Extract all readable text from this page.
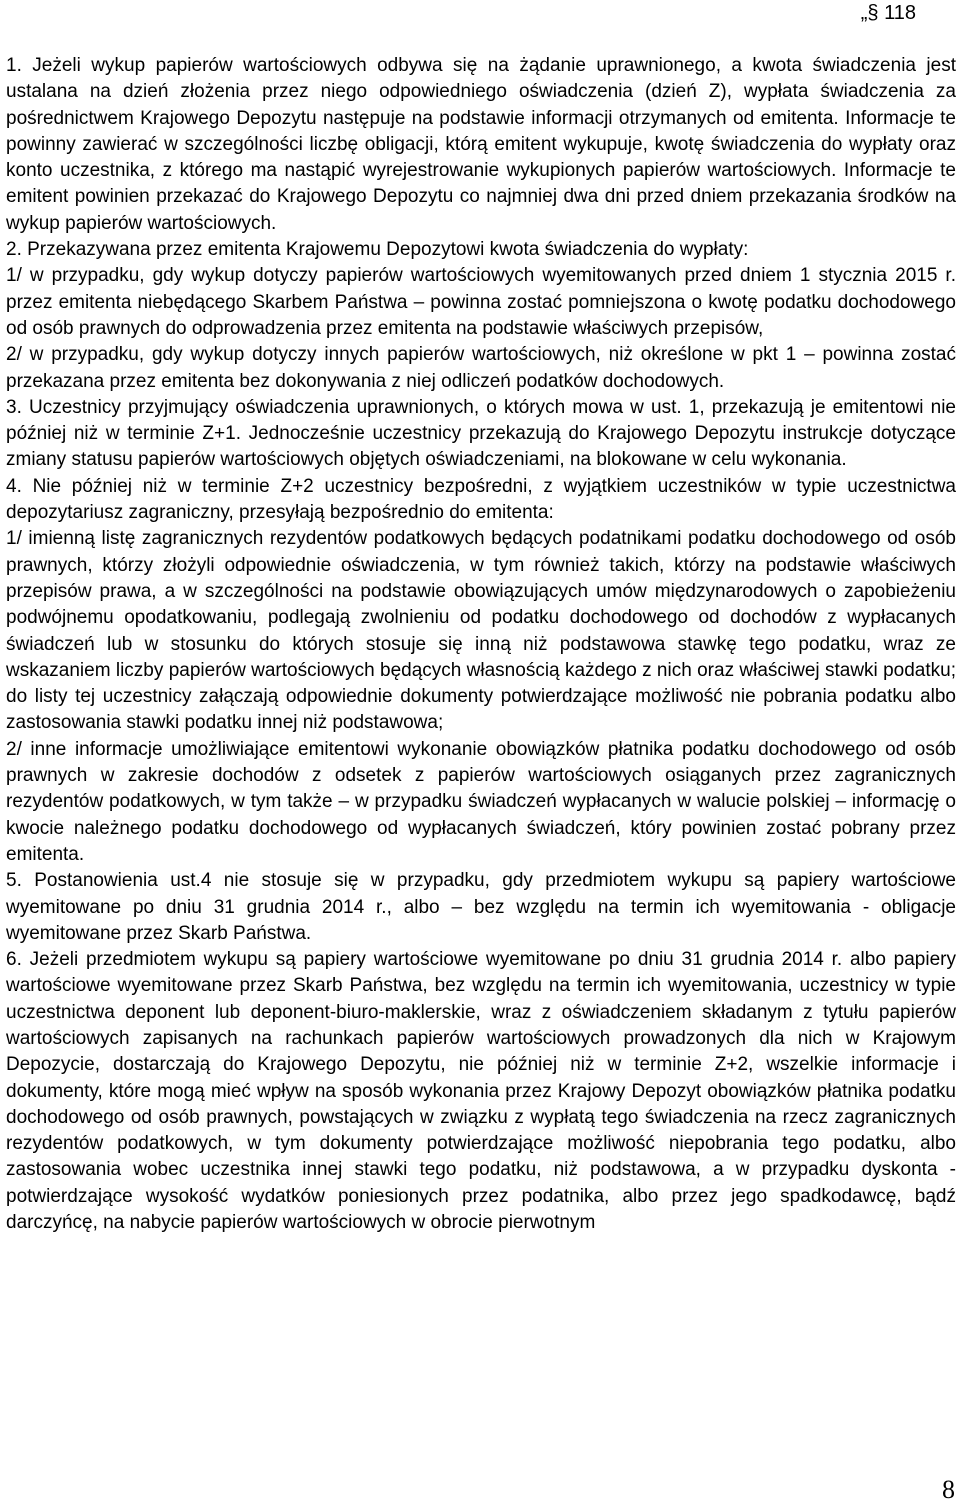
„§ 118

1. Jeżeli wykup papierów wartościowych odbywa się na żądanie uprawnionego, a kwota świadczenia jest ustalana na dzień złożenia przez niego odpowiedniego oświadczenia (dzień Z), wypłata świadczenia za pośrednictwem Krajowego Depozytu następuje na podstawie informacji otrzymanych od emitenta. Informacje te powinny zawierać w szczególności liczbę obligacji, którą emitent wykupuje, kwotę świadczenia do wypłaty oraz konto uczestnika, z którego ma nastąpić wyrejestrowanie wykupionych papierów wartościowych. Informacje te emitent powinien przekazać do Krajowego Depozytu co najmniej dwa dni przed dniem przekazania środków na wykup papierów wartościowych.

2. Przekazywana przez emitenta Krajowemu Depozytowi kwota świadczenia do wypłaty:

1/ w przypadku, gdy wykup dotyczy papierów wartościowych wyemitowanych przed dniem 1 stycznia 2015 r. przez emitenta niebędącego Skarbem Państwa – powinna zostać pomniejszona o kwotę podatku dochodowego od osób prawnych do odprowadzenia przez emitenta na podstawie właściwych przepisów,

2/ w przypadku, gdy wykup dotyczy innych papierów wartościowych, niż określone w pkt 1 – powinna zostać przekazana przez emitenta bez dokonywania z niej odliczeń podatków dochodowych.

3. Uczestnicy przyjmujący oświadczenia uprawnionych, o których mowa w ust. 1, przekazują je emitentowi nie później niż w terminie Z+1. Jednocześnie uczestnicy przekazują do Krajowego Depozytu instrukcje dotyczące zmiany statusu papierów wartościowych objętych oświadczeniami, na blokowane w celu wykonania.

4. Nie później niż w terminie Z+2 uczestnicy bezpośredni, z wyjątkiem uczestników w typie uczestnictwa depozytariusz zagraniczny, przesyłają bezpośrednio do emitenta:

1/ imienną listę zagranicznych rezydentów podatkowych będących podatnikami podatku dochodowego od osób prawnych, którzy złożyli odpowiednie oświadczenia, w tym również takich, którzy na podstawie właściwych przepisów prawa, a w szczególności na podstawie obowiązujących umów międzynarodowych o zapobieżeniu podwójnemu opodatkowaniu, podlegają zwolnieniu od podatku dochodowego od dochodów z wypłacanych świadczeń lub w stosunku do których stosuje się inną niż podstawowa stawkę tego podatku, wraz ze wskazaniem liczby papierów wartościowych będących własnością każdego z nich oraz właściwej stawki podatku; do listy tej uczestnicy załączają odpowiednie dokumenty potwierdzające możliwość nie pobrania podatku albo zastosowania stawki podatku innej niż podstawowa;

2/ inne informacje umożliwiające emitentowi wykonanie obowiązków płatnika podatku dochodowego od osób prawnych w zakresie dochodów z odsetek z papierów wartościowych osiąganych przez zagranicznych rezydentów podatkowych, w tym także – w przypadku świadczeń wypłacanych w walucie polskiej – informację o kwocie należnego podatku dochodowego od wypłacanych świadczeń, który powinien zostać pobrany przez emitenta.

5. Postanowienia ust.4 nie stosuje się w przypadku, gdy przedmiotem wykupu są papiery wartościowe wyemitowane po dniu 31 grudnia 2014 r., albo – bez względu na termin ich wyemitowania - obligacje wyemitowane przez Skarb Państwa.

6. Jeżeli przedmiotem wykupu są papiery wartościowe wyemitowane po dniu 31 grudnia 2014 r. albo papiery wartościowe wyemitowane przez Skarb Państwa, bez względu na termin ich wyemitowania, uczestnicy w typie uczestnictwa deponent lub deponent-biuro-maklerskie, wraz z oświadczeniem składanym z tytułu papierów wartościowych zapisanych na rachunkach papierów wartościowych prowadzonych dla nich w Krajowym Depozycie, dostarczają do Krajowego Depozytu, nie później niż w terminie Z+2, wszelkie informacje i dokumenty, które mogą mieć wpływ na sposób wykonania przez Krajowy Depozyt obowiązków płatnika podatku dochodowego od osób prawnych, powstających w związku z wypłatą tego świadczenia na rzecz zagranicznych rezydentów podatkowych, w tym dokumenty potwierdzające możliwość niepobrania tego podatku, albo zastosowania wobec uczestnika innej stawki tego podatku, niż podstawowa, a w przypadku dyskonta - potwierdzające wysokość wydatków poniesionych przez podatnika, albo przez jego spadkodawcę, bądź darczyńcę, na nabycie papierów wartościowych w obrocie pierwotnym

8
